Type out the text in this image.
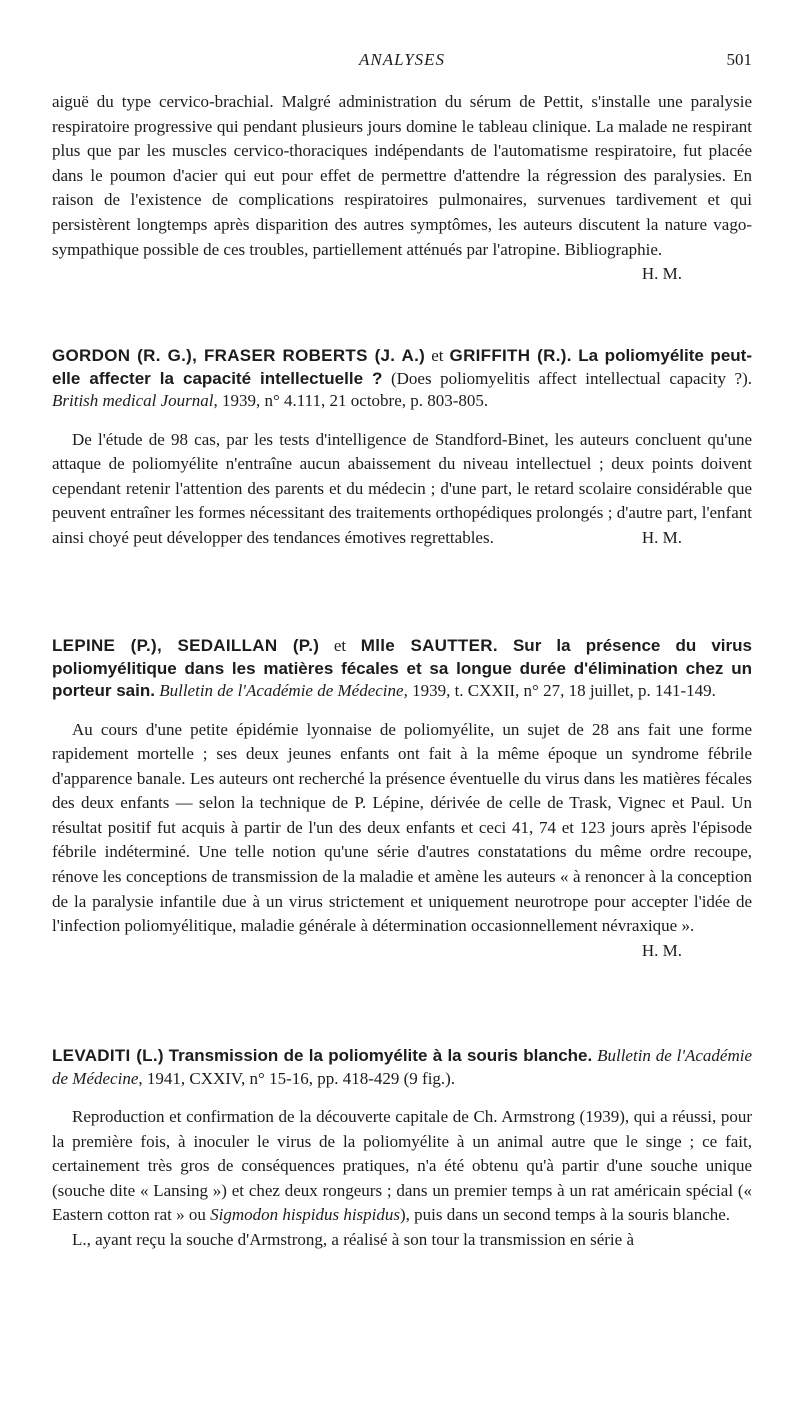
ANALYSES	501

aiguë du type cervico-brachial. Malgré administration du sérum de Pettit, s'installe une paralysie respiratoire progressive qui pendant plusieurs jours domine le tableau clinique. La malade ne respirant plus que par les muscles cervico-thoraciques indépendants de l'automatisme respiratoire, fut placée dans le poumon d'acier qui eut pour effet de permettre d'attendre la régression des paralysies. En raison de l'existence de complications respiratoires pulmonaires, survenues tardivement et qui persistèrent longtemps après disparition des autres symptômes, les auteurs discutent la nature vago-sympathique possible de ces troubles, partiellement atténués par l'atropine. Bibliographie.

H. M.

GORDON (R. G.), FRASER ROBERTS (J. A.) et GRIFFITH (R.). La poliomyélite peut-elle affecter la capacité intellectuelle ? (Does poliomyelitis affect intellectual capacity ?). British medical Journal, 1939, n° 4.111, 21 octobre, p. 803-805.

De l'étude de 98 cas, par les tests d'intelligence de Standford-Binet, les auteurs concluent qu'une attaque de poliomyélite n'entraîne aucun abaissement du niveau intellectuel ; deux points doivent cependant retenir l'attention des parents et du médecin ; d'une part, le retard scolaire considérable que peuvent entraîner les formes nécessitant des traitements orthopédiques prolongés ; d'autre part, l'enfant ainsi choyé peut développer des tendances émotives regrettables.	H. M.

LEPINE (P.), SEDAILLAN (P.) et Mlle SAUTTER. Sur la présence du virus poliomyélitique dans les matières fécales et sa longue durée d'élimination chez un porteur sain. Bulletin de l'Académie de Médecine, 1939, t. CXXII, n° 27, 18 juillet, p. 141-149.

Au cours d'une petite épidémie lyonnaise de poliomyélite, un sujet de 28 ans fait une forme rapidement mortelle ; ses deux jeunes enfants ont fait à la même époque un syndrome fébrile d'apparence banale. Les auteurs ont recherché la présence éventuelle du virus dans les matières fécales des deux enfants — selon la technique de P. Lépine, dérivée de celle de Trask, Vignec et Paul. Un résultat positif fut acquis à partir de l'un des deux enfants et ceci 41, 74 et 123 jours après l'épisode fébrile indéterminé. Une telle notion qu'une série d'autres constatations du même ordre recoupe, rénove les conceptions de transmission de la maladie et amène les auteurs « à renoncer à la conception de la paralysie infantile due à un virus strictement et uniquement neurotrope pour accepter l'idée de l'infection poliomyélitique, maladie générale à détermination occasionnellement névraxique ».
H. M.

LEVADITI (L.) Transmission de la poliomyélite à la souris blanche. Bulletin de l'Académie de Médecine, 1941, CXXIV, n° 15-16, pp. 418-429 (9 fig.).

Reproduction et confirmation de la découverte capitale de Ch. Armstrong (1939), qui a réussi, pour la première fois, à inoculer le virus de la poliomyélite à un animal autre que le singe ; ce fait, certainement très gros de conséquences pratiques, n'a été obtenu qu'à partir d'une souche unique (souche dite « Lansing ») et chez deux rongeurs ; dans un premier temps à un rat américain spécial (« Eastern cotton rat » ou Sigmodon hispidus hispidus), puis dans un second temps à la souris blanche.

L., ayant reçu la souche d'Armstrong, a réalisé à son tour la transmission en série à
